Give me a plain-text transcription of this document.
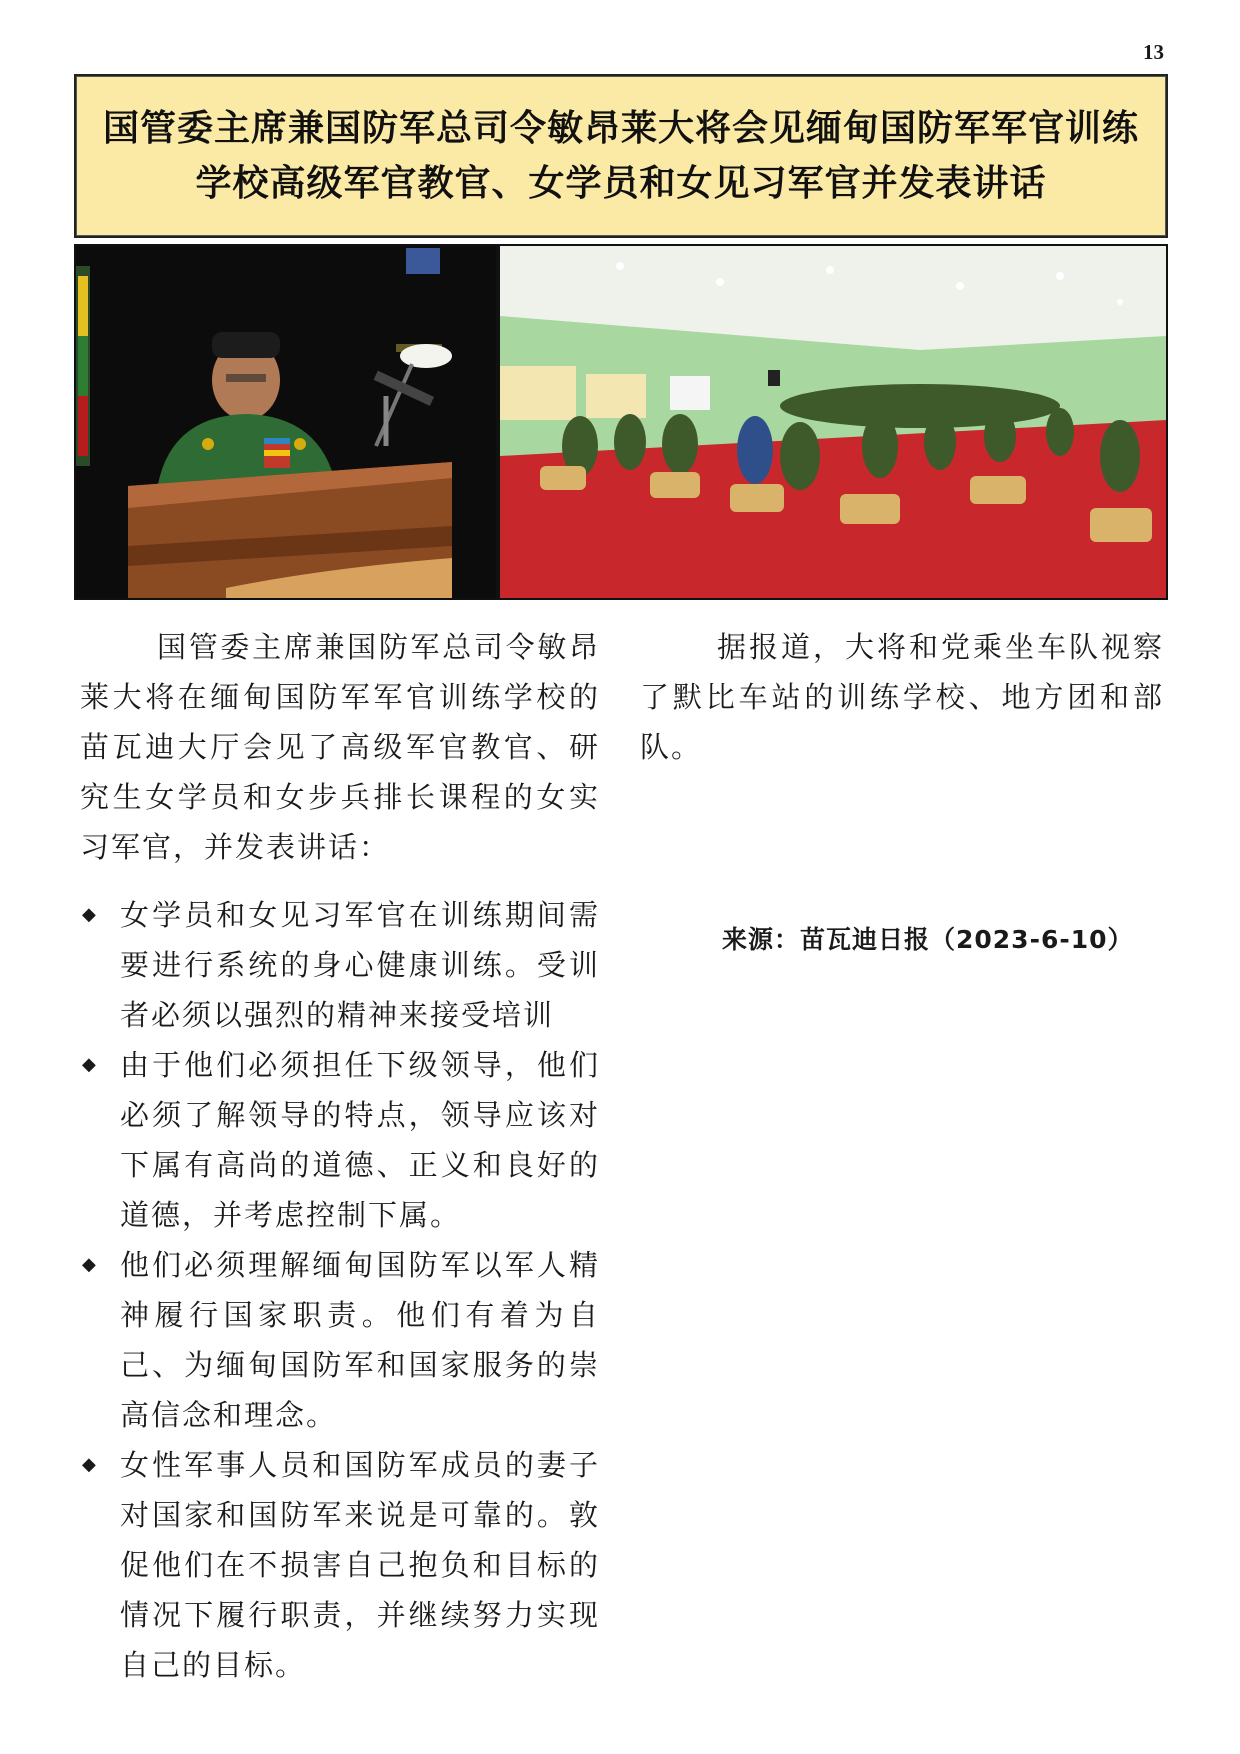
13
国管委主席兼国防军总司令敏昂莱大将会见缅甸国防军军官训练
学校高级军官教官、女学员和女见习军官并发表讲话

国管委主席兼国防军总司令敏昂莱大将在缅甸国防军军官训练学校的苗瓦迪大厅会见了高级军官教官、研究生女学员和女步兵排长课程的女实习军官，并发表讲话：

◆ 女学员和女见习军官在训练期间需要进行系统的身心健康训练。受训者必须以强烈的精神来接受培训
◆ 由于他们必须担任下级领导，他们必须了解领导的特点，领导应该对下属有高尚的道德、正义和良好的道德，并考虑控制下属。
◆ 他们必须理解缅甸国防军以军人精神履行国家职责。他们有着为自己、为缅甸国防军和国家服务的崇高信念和理念。
◆ 女性军事人员和国防军成员的妻子对国家和国防军来说是可靠的。敦促他们在不损害自己抱负和目标的情况下履行职责，并继续努力实现自己的目标。

据报道，大将和党乘坐车队视察了默比车站的训练学校、地方团和部队。

来源：苗瓦迪日报（2023-6-10）
